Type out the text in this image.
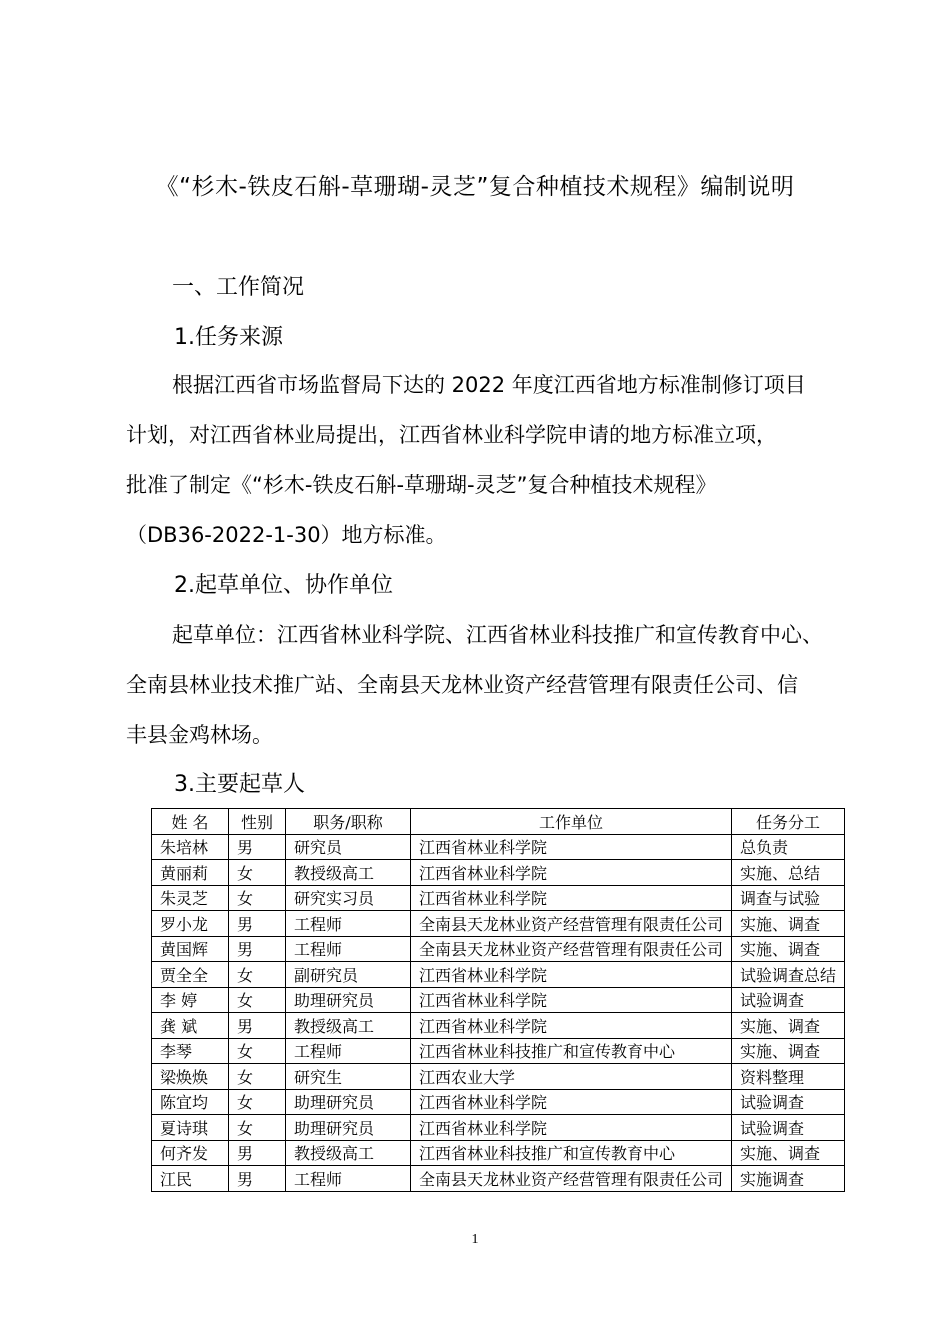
《“杉木-铁皮石斛-草珊瑚-灵芝”复合种植技术规程》编制说明
一、工作简况
1.任务来源
根据江西省市场监督局下达的 2022 年度江西省地方标准制修订项目
计划，对江西省林业局提出，江西省林业科学院申请的地方标准立项，
批准了制定《“杉木-铁皮石斛-草珊瑚-灵芝”复合种植技术规程》
（DB36-2022-1-30）地方标准。
2.起草单位、协作单位
起草单位：江西省林业科学院、江西省林业科技推广和宣传教育中心、
全南县林业技术推广站、全南县天龙林业资产经营管理有限责任公司、信
丰县金鸡林场。
3.主要起草人
姓 名	性别	职务/职称	工作单位	任务分工
朱培林	男	研究员	江西省林业科学院	总负责
黄丽莉	女	教授级高工	江西省林业科学院	实施、总结
朱灵芝	女	研究实习员	江西省林业科学院	调查与试验
罗小龙	男	工程师	全南县天龙林业资产经营管理有限责任公司	实施、调查
黄国辉	男	工程师	全南县天龙林业资产经营管理有限责任公司	实施、调查
贾全全	女	副研究员	江西省林业科学院	试验调查总结
李 婷	女	助理研究员	江西省林业科学院	试验调查
龚 斌	男	教授级高工	江西省林业科学院	实施、调查
李琴	女	工程师	江西省林业科技推广和宣传教育中心	实施、调查
梁焕焕	女	研究生	江西农业大学	资料整理
陈宜均	女	助理研究员	江西省林业科学院	试验调查
夏诗琪	女	助理研究员	江西省林业科学院	试验调查
何齐发	男	教授级高工	江西省林业科技推广和宣传教育中心	实施、调查
江民	男	工程师	全南县天龙林业资产经营管理有限责任公司	实施调查
1
